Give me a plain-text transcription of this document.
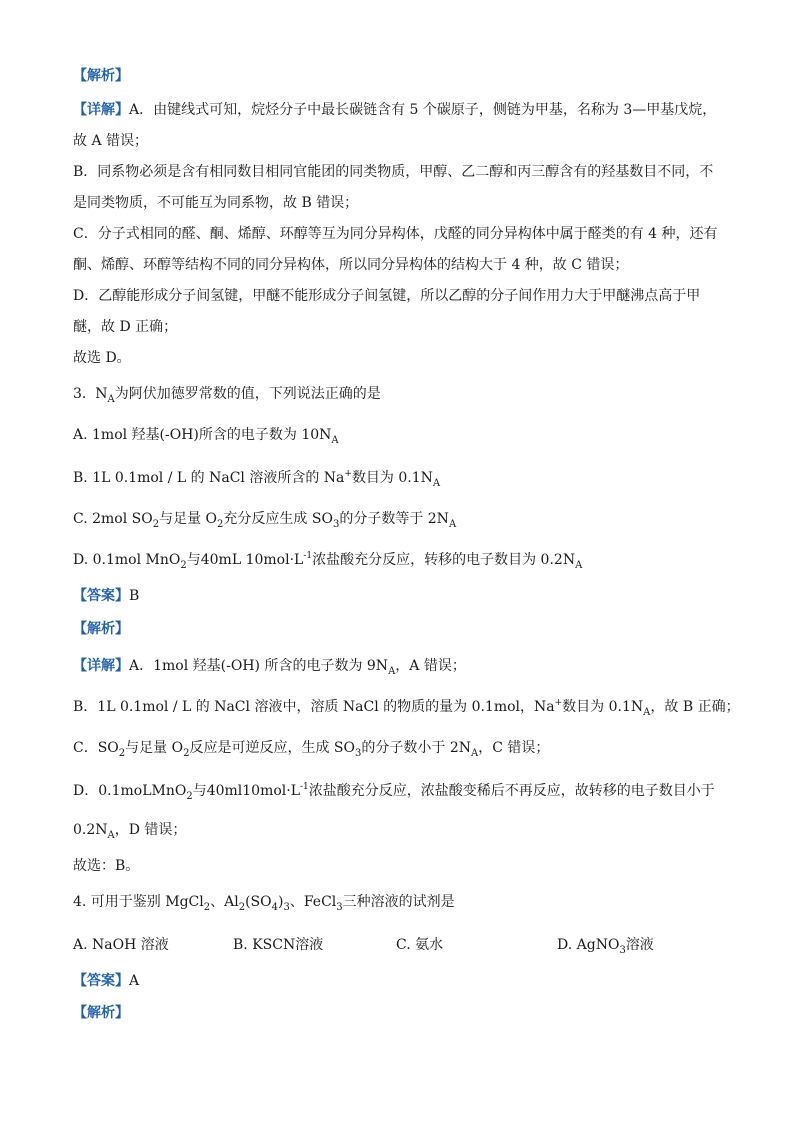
【解析】
【详解】A．由键线式可知，烷烃分子中最长碳链含有 5 个碳原子，侧链为甲基，名称为 3—甲基戊烷，
故 A 错误；
B．同系物必须是含有相同数目相同官能团的同类物质，甲醇、乙二醇和丙三醇含有的羟基数目不同，不
是同类物质，不可能互为同系物，故 B 错误；
C．分子式相同的醛、酮、烯醇、环醇等互为同分异构体，戊醛的同分异构体中属于醛类的有 4 种，还有
酮、烯醇、环醇等结构不同的同分异构体，所以同分异构体的结构大于 4 种，故 C 错误；
D．乙醇能形成分子间氢键，甲醚不能形成分子间氢键，所以乙醇的分子间作用力大于甲醚沸点高于甲
醚，故 D 正确；
故选 D。
3. $N_A$为阿伏加德罗常数的值，下列说法正确的是
A. 1mol 羟基(-OH)所含的电子数为 $10N_A$
B. 1L 0.1mol / L 的 NaCl 溶液所含的 Na+数目为 $0.1N_A$
C. 2mol $SO_2$与足量 $O_2$充分反应生成 $SO_3$的分子数等于 $2N_A$
D. 0.1mol MnO$_2$与40mL $10mol\cdot L^{-1}$浓盐酸充分反应，转移的电子数目为 $0.2N_A$
【答案】B
【解析】
【详解】A．1mol 羟基(-OH) 所含的电子数为 $9N_A$，A 错误；
B．1L 0.1mol / L 的 NaCl 溶液中，溶质 NaCl 的物质的量为 0.1mol，Na+数目为 $0.1N_A$，故 B 正确；
C．$SO_2$与足量 $O_2$反应是可逆反应，生成 $SO_3$的分子数小于 $2N_A$，C 错误；
D．0.1moLMnO$_2$与$40ml10mol\cdot L^{-1}$浓盐酸充分反应，浓盐酸变稀后不再反应，故转移的电子数目小于
$0.2N_A$，D 错误；
故选：B。
4. 可用于鉴别 MgCl$_2$、$Al_2(SO_4)_3$、FeCl$_3$三种溶液的试剂是
A. NaOH 溶液	B. KSCN溶液	C. 氨水	D. AgNO$_3$溶液
【答案】A
【解析】
